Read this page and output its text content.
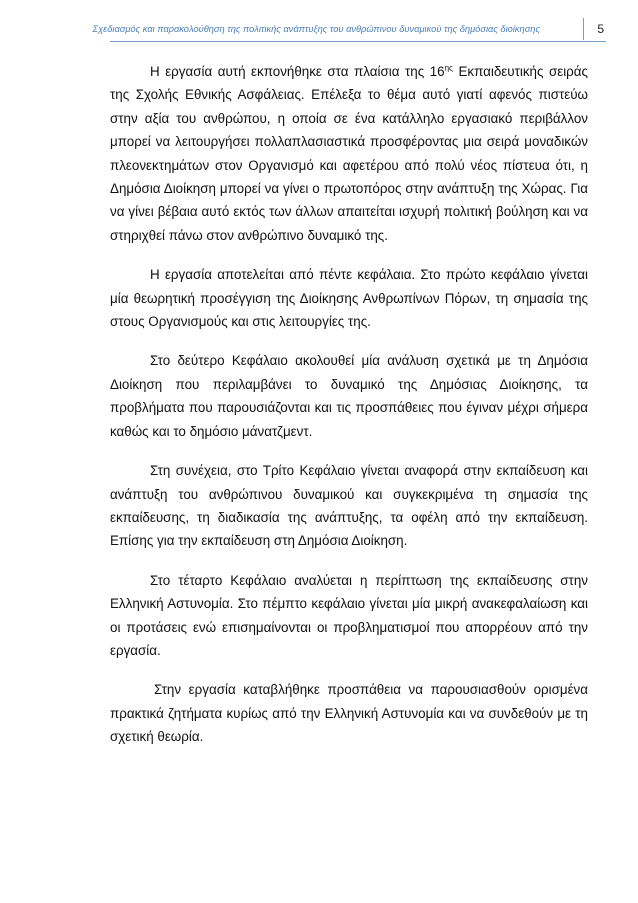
Σχεδιασμός και παρακολούθηση της πολιτικής ανάπτυξης του ανθρώπινου δυναμικού της δημόσιας διοίκησης	5

Η εργασία αυτή εκπονήθηκε στα πλαίσια της $16^{\eta\varsigma}$ Εκπαιδευτικής σειράς της Σχολής Εθνικής Ασφάλειας. Επέλεξα το θέμα αυτό γιατί αφενός πιστεύω στην αξία του ανθρώπου, η οποία σε ένα κατάλληλο εργασιακό περιβάλλον μπορεί να λειτουργήσει πολλαπλασιαστικά προσφέροντας μια σειρά μοναδικών πλεονεκτημάτων στον Οργανισμό και αφετέρου από πολύ νέος πίστευα ότι, η Δημόσια Διοίκηση μπορεί να γίνει ο πρωτοπόρος στην ανάπτυξη της Χώρας. Για να γίνει βέβαια αυτό εκτός των άλλων απαιτείται ισχυρή πολιτική βούληση και να στηριχθεί πάνω στον ανθρώπινο δυναμικό της.

Η εργασία αποτελείται από πέντε κεφάλαια. Στο πρώτο κεφάλαιο γίνεται μία θεωρητική προσέγγιση της Διοίκησης Ανθρωπίνων Πόρων, τη σημασία της στους Οργανισμούς και στις λειτουργίες της.

Στο δεύτερο Κεφάλαιο ακολουθεί μία ανάλυση σχετικά με τη Δημόσια Διοίκηση που περιλαμβάνει το δυναμικό της Δημόσιας Διοίκησης, τα προβλήματα που παρουσιάζονται και τις προσπάθειες που έγιναν μέχρι σήμερα καθώς και το δημόσιο μάνατζμεντ.

Στη συνέχεια, στο Τρίτο Κεφάλαιο γίνεται αναφορά στην εκπαίδευση και ανάπτυξη του ανθρώπινου δυναμικού και συγκεκριμένα τη σημασία της εκπαίδευσης, τη διαδικασία της ανάπτυξης, τα οφέλη από την εκπαίδευση. Επίσης για την εκπαίδευση στη Δημόσια Διοίκηση.

Στο τέταρτο Κεφάλαιο αναλύεται η περίπτωση της εκπαίδευσης στην Ελληνική Αστυνομία. Στο πέμπτο κεφάλαιο γίνεται μία μικρή ανακεφαλαίωση και οι προτάσεις ενώ επισημαίνονται οι προβληματισμοί που απορρέουν από την εργασία.

Στην εργασία καταβλήθηκε προσπάθεια να παρουσιασθούν ορισμένα πρακτικά ζητήματα κυρίως από την Ελληνική Αστυνομία και να συνδεθούν με τη σχετική θεωρία.
